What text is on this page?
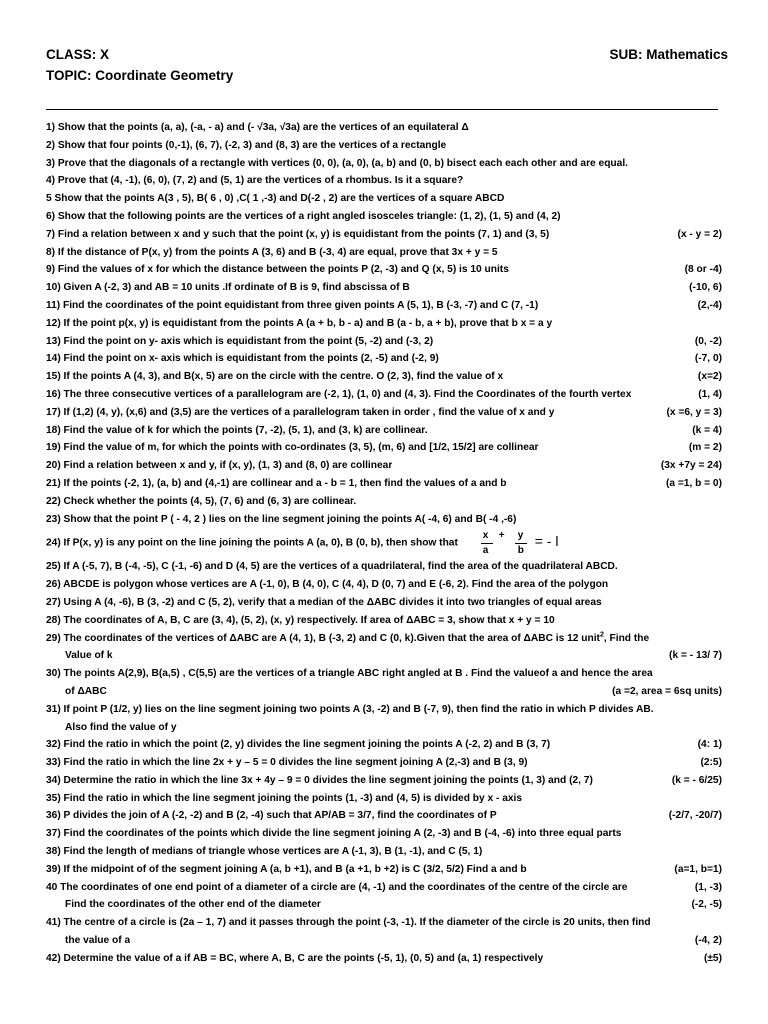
CLASS: X	SUB: Mathematics
TOPIC: Coordinate Geometry
1) Show that the points (a, a), (-a, - a) and (- √3a, √3a) are the vertices of an equilateral Δ
2) Show that four points (0,-1), (6, 7), (-2, 3) and (8, 3) are the vertices of a rectangle
3) Prove that the diagonals of a rectangle with vertices (0, 0), (a, 0), (a, b) and (0, b) bisect each each other and are equal.
4) Prove that (4, -1), (6, 0), (7, 2) and (5, 1) are the vertices of a rhombus. Is it a square?
5 Show that the points A(3 , 5), B( 6 , 0) ,C( 1 ,-3) and D(-2 , 2) are the vertices of a square ABCD
6) Show that the following points are the vertices of a right angled isosceles triangle: (1, 2), (1, 5) and (4, 2)
7) Find a relation between x and y such that the point (x, y) is equidistant from the points (7, 1) and (3, 5)	(x - y = 2)
8) If the distance of P(x, y) from the points A (3, 6) and B (-3, 4) are equal, prove that 3x + y = 5
9) Find the values of x for which the distance between the points P (2, -3) and Q (x, 5) is 10 units	(8 or -4)
10) Given A (-2, 3) and AB = 10 units .If ordinate of B is 9, find abscissa of B	(-10, 6)
11) Find the coordinates of the point equidistant from three given points A (5, 1), B (-3, -7) and C (7, -1)	(2,-4)
12) If the point p(x, y) is equidistant from the points A (a + b, b - a) and B (a - b, a + b), prove that b x = a y
13) Find the point on y- axis which is equidistant from the point (5, -2) and (-3, 2)	(0, -2)
14) Find the point on x- axis which is equidistant from the points (2, -5) and (-2, 9)	(-7, 0)
15) If the points A (4, 3), and B(x, 5) are on the circle with the centre. O (2, 3), find the value of x	(x=2)
16) The three consecutive vertices of a parallelogram are (-2, 1), (1, 0) and (4, 3). Find the Coordinates of the fourth vertex	(1, 4)
17) If (1,2) (4, y), (x,6) and (3,5) are the vertices of a parallelogram taken in order , find the value of x and y	(x =6, y = 3)
18) Find the value of k for which the points (7, -2), (5, 1), and (3, k) are collinear.	(k = 4)
19) Find the value of m, for which the points with co-ordinates (3, 5), (m, 6) and [1/2, 15/2] are collinear	(m = 2)
20) Find a relation between x and y, if (x, y), (1, 3) and (8, 0) are collinear	(3x +7y = 24)
21) If the points (-2, 1), (a, b) and (4,-1) are collinear and a - b = 1, then find the values of a and b	(a =1, b = 0)
22) Check whether the points (4, 5), (7, 6) and (6, 3) are collinear.
23) Show that the point P ( - 4, 2 ) lies on the line segment joining the points A( -4, 6) and B( -4 ,-6)
24) If P(x, y) is any point on the line joining the points A (a, 0), B (0, b), then show that
x + y
a	b
= - l
25) If A (-5, 7), B (-4, -5), C (-1, -6) and D (4, 5) are the vertices of a quadrilateral, find the area of the quadrilateral ABCD.
26) ABCDE is polygon whose vertices are A (-1, 0), B (4, 0), C (4, 4), D (0, 7) and E (-6, 2). Find the area of the polygon
27) Using A (4, -6), B (3, -2) and C (5, 2), verify that a median of the ΔABC divides it into two triangles of equal areas
28) The coordinates of A, B, C are (3, 4), (5, 2), (x, y) respectively. If area of ΔABC = 3, show that x + y = 10
29) The coordinates of the vertices of ΔABC are A (4, 1), B (-3, 2) and C (0, k).Given that the area of ΔABC is 12 unit$^2$, Find the
Value of k	(k = - 13/ 7)
30) The points A(2,9), B(a,5) , C(5,5) are the vertices of a triangle ABC right angled at B . Find the valueof a and hence the area
of ΔABC	(a =2, area = 6sq units)
31) If point P (1/2, y) lies on the line segment joining two points A (3, -2) and B (-7, 9), then find the ratio in which P divides AB.
Also find the value of y
32) Find the ratio in which the point (2, y) divides the line segment joining the points A (-2, 2) and B (3, 7)	(4: 1)
33) Find the ratio in which the line 2x + y – 5 = 0 divides the line segment joining A (2,-3) and B (3, 9)	(2:5)
34) Determine the ratio in which the line 3x + 4y – 9 = 0 divides the line segment joining the points (1, 3) and (2, 7)	(k = - 6/25)
35) Find the ratio in which the line segment joining the points (1, -3) and (4, 5) is divided by x - axis
36) P divides the join of A (-2, -2) and B (2, -4) such that AP/AB = 3/7, find the coordinates of P	(-2/7, -20/7)
37) Find the coordinates of the points which divide the line segment joining A (2, -3) and B (-4, -6) into three equal parts
38) Find the length of medians of triangle whose vertices are A (-1, 3), B (1, -1), and C (5, 1)
39) If the midpoint of of the segment joining A (a, b +1), and B (a +1, b +2) is C (3/2, 5/2) Find a and b	(a=1, b=1)
40 The coordinates of one end point of a diameter of a circle are (4, -1) and the coordinates of the centre of the circle are	(1, -3)
Find the coordinates of the other end of the diameter	(-2, -5)
41) The centre of a circle is (2a – 1, 7) and it passes through the point (-3, -1). If the diameter of the circle is 20 units, then find
the value of a	(-4, 2)
42) Determine the value of a if AB = BC, where A, B, C are the points (-5, 1), (0, 5) and (a, 1) respectively	(±5)
